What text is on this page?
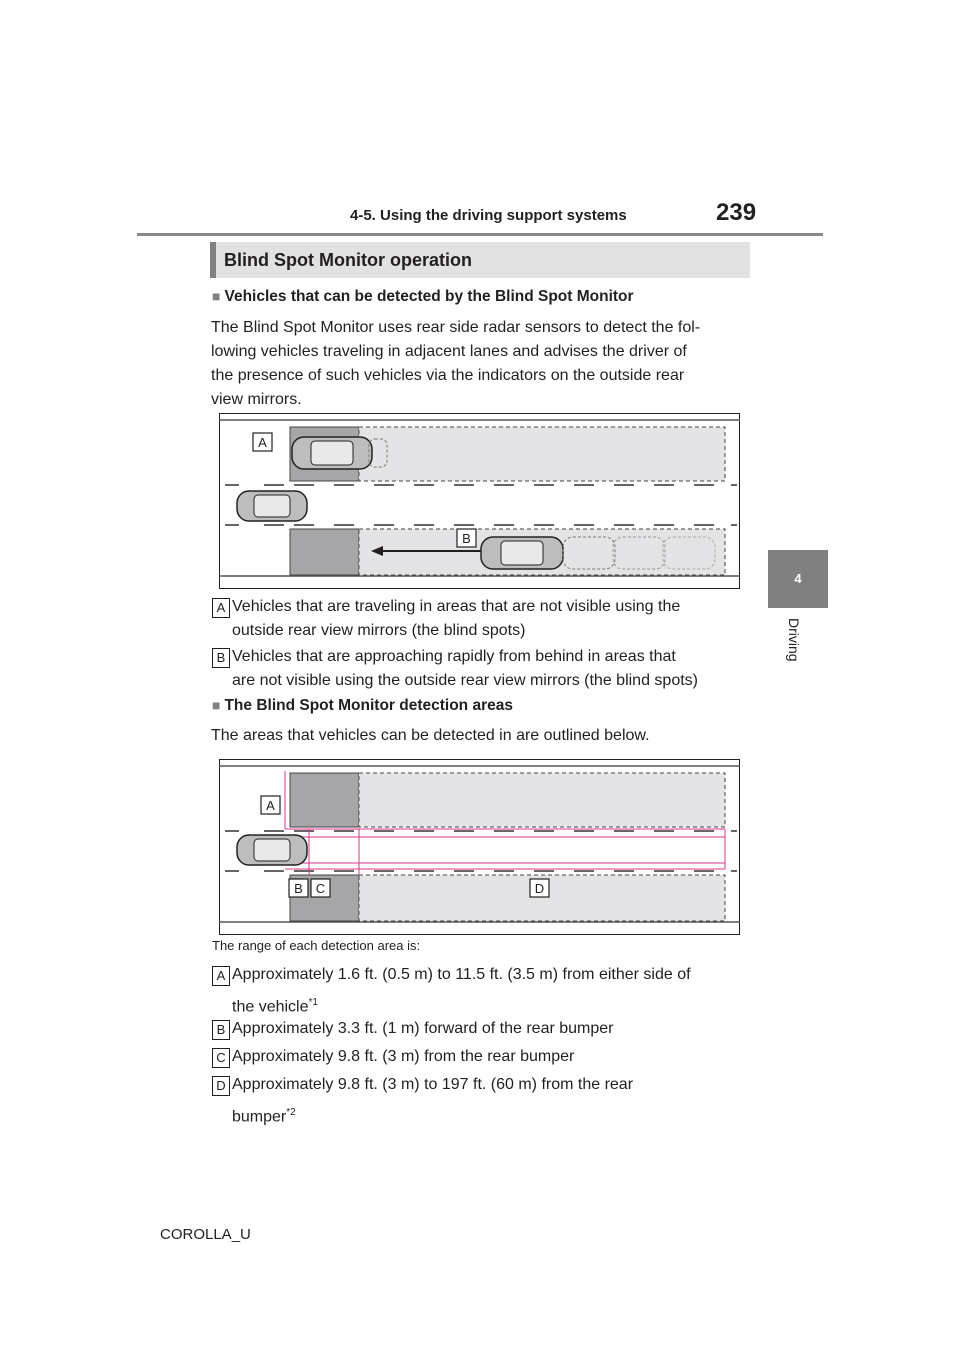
4-5. Using the driving support systems	239
4
Driving
Blind Spot Monitor operation
■ Vehicles that can be detected by the Blind Spot Monitor
The Blind Spot Monitor uses rear side radar sensors to detect the fol-
lowing vehicles traveling in adjacent lanes and advises the driver of
the presence of such vehicles via the indicators on the outside rear
view mirrors.
A
B
A Vehicles that are traveling in areas that are not visible using the
outside rear view mirrors (the blind spots)
B Vehicles that are approaching rapidly from behind in areas that
are not visible using the outside rear view mirrors (the blind spots)
■ The Blind Spot Monitor detection areas
The areas that vehicles can be detected in are outlined below.
A
B C	D
The range of each detection area is:
A Approximately 1.6 ft. (0.5 m) to 11.5 ft. (3.5 m) from either side of
the vehicle$^{*1}$
B Approximately 3.3 ft. (1 m) forward of the rear bumper
C Approximately 9.8 ft. (3 m) from the rear bumper
D Approximately 9.8 ft. (3 m) to 197 ft. (60 m) from the rear
bumper$^{*2}$
COROLLA_U
